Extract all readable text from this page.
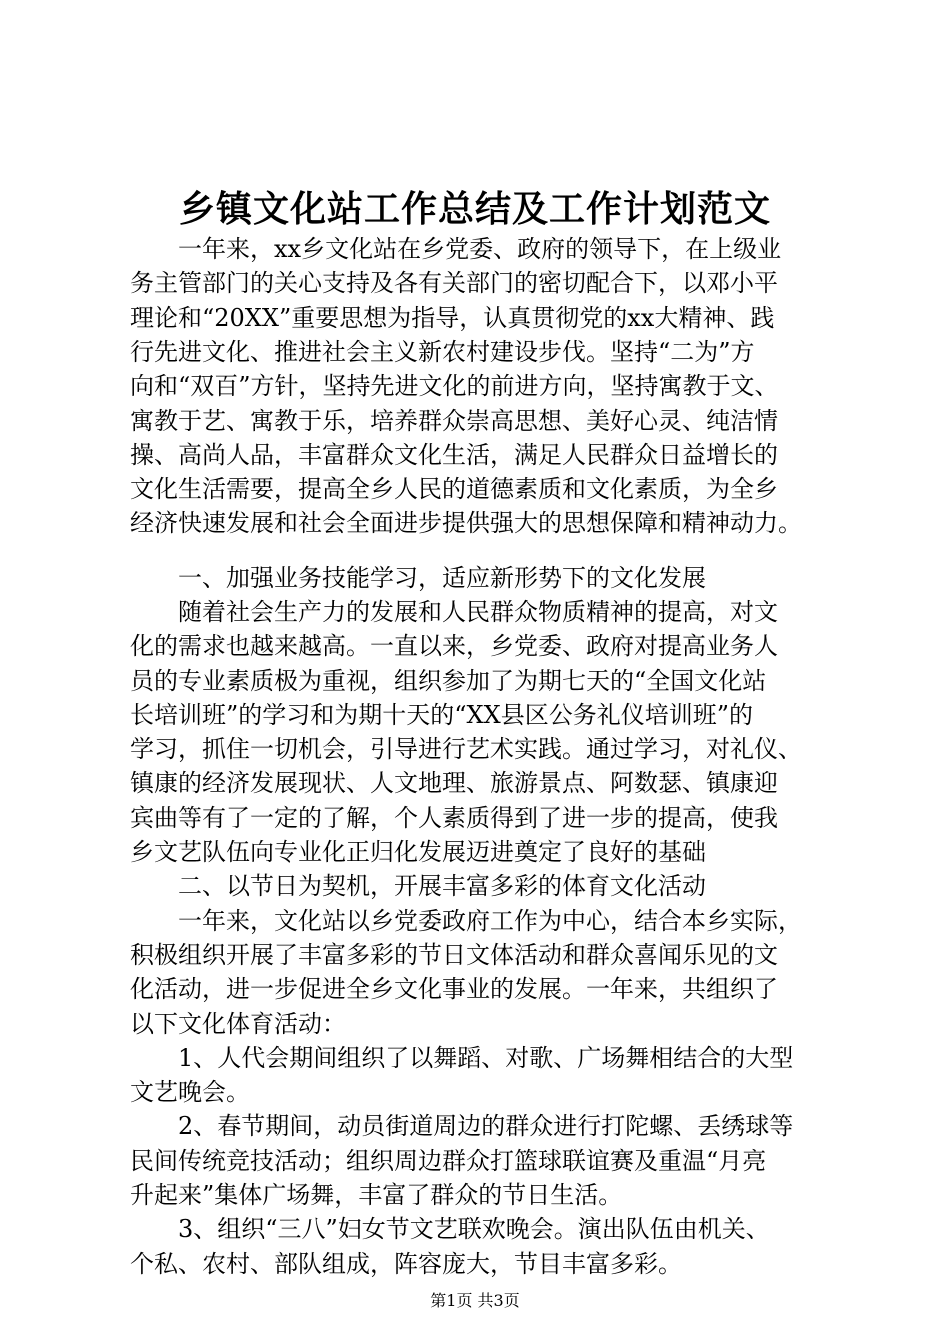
乡镇文化站工作总结及工作计划范文

　　一年来，xx乡文化站在乡党委、政府的领导下，在上级业

务主管部门的关心支持及各有关部门的密切配合下，以邓小平

理论和“20XX”重要思想为指导，认真贯彻党的xx大精神、践

行先进文化、推进社会主义新农村建设步伐。坚持“二为”方

向和“双百”方针，坚持先进文化的前进方向，坚持寓教于文、

寓教于艺、寓教于乐，培养群众崇高思想、美好心灵、纯洁情

操、高尚人品，丰富群众文化生活，满足人民群众日益增长的

文化生活需要，提高全乡人民的道德素质和文化素质，为全乡

经济快速发展和社会全面进步提供强大的思想保障和精神动力。

　　一、加强业务技能学习，适应新形势下的文化发展

　　随着社会生产力的发展和人民群众物质精神的提高，对文

化的需求也越来越高。一直以来，乡党委、政府对提高业务人

员的专业素质极为重视，组织参加了为期七天的“全国文化站

长培训班”的学习和为期十天的“XX县区公务礼仪培训班”的

学习，抓住一切机会，引导进行艺术实践。通过学习，对礼仪、

镇康的经济发展现状、人文地理、旅游景点、阿数瑟、镇康迎

宾曲等有了一定的了解，个人素质得到了进一步的提高，使我

乡文艺队伍向专业化正归化发展迈进奠定了良好的基础

　　二、以节日为契机，开展丰富多彩的体育文化活动

　　一年来，文化站以乡党委政府工作为中心，结合本乡实际，

积极组织开展了丰富多彩的节日文体活动和群众喜闻乐见的文

化活动，进一步促进全乡文化事业的发展。一年来，共组织了

以下文化体育活动：

　　1、人代会期间组织了以舞蹈、对歌、广场舞相结合的大型

文艺晚会。

　　2、春节期间，动员街道周边的群众进行打陀螺、丢绣球等

民间传统竞技活动；组织周边群众打篮球联谊赛及重温“月亮

升起来”集体广场舞，丰富了群众的节日生活。

　　3、组织“三八”妇女节文艺联欢晚会。演出队伍由机关、

个私、农村、部队组成，阵容庞大，节目丰富多彩。

第1页 共3页
